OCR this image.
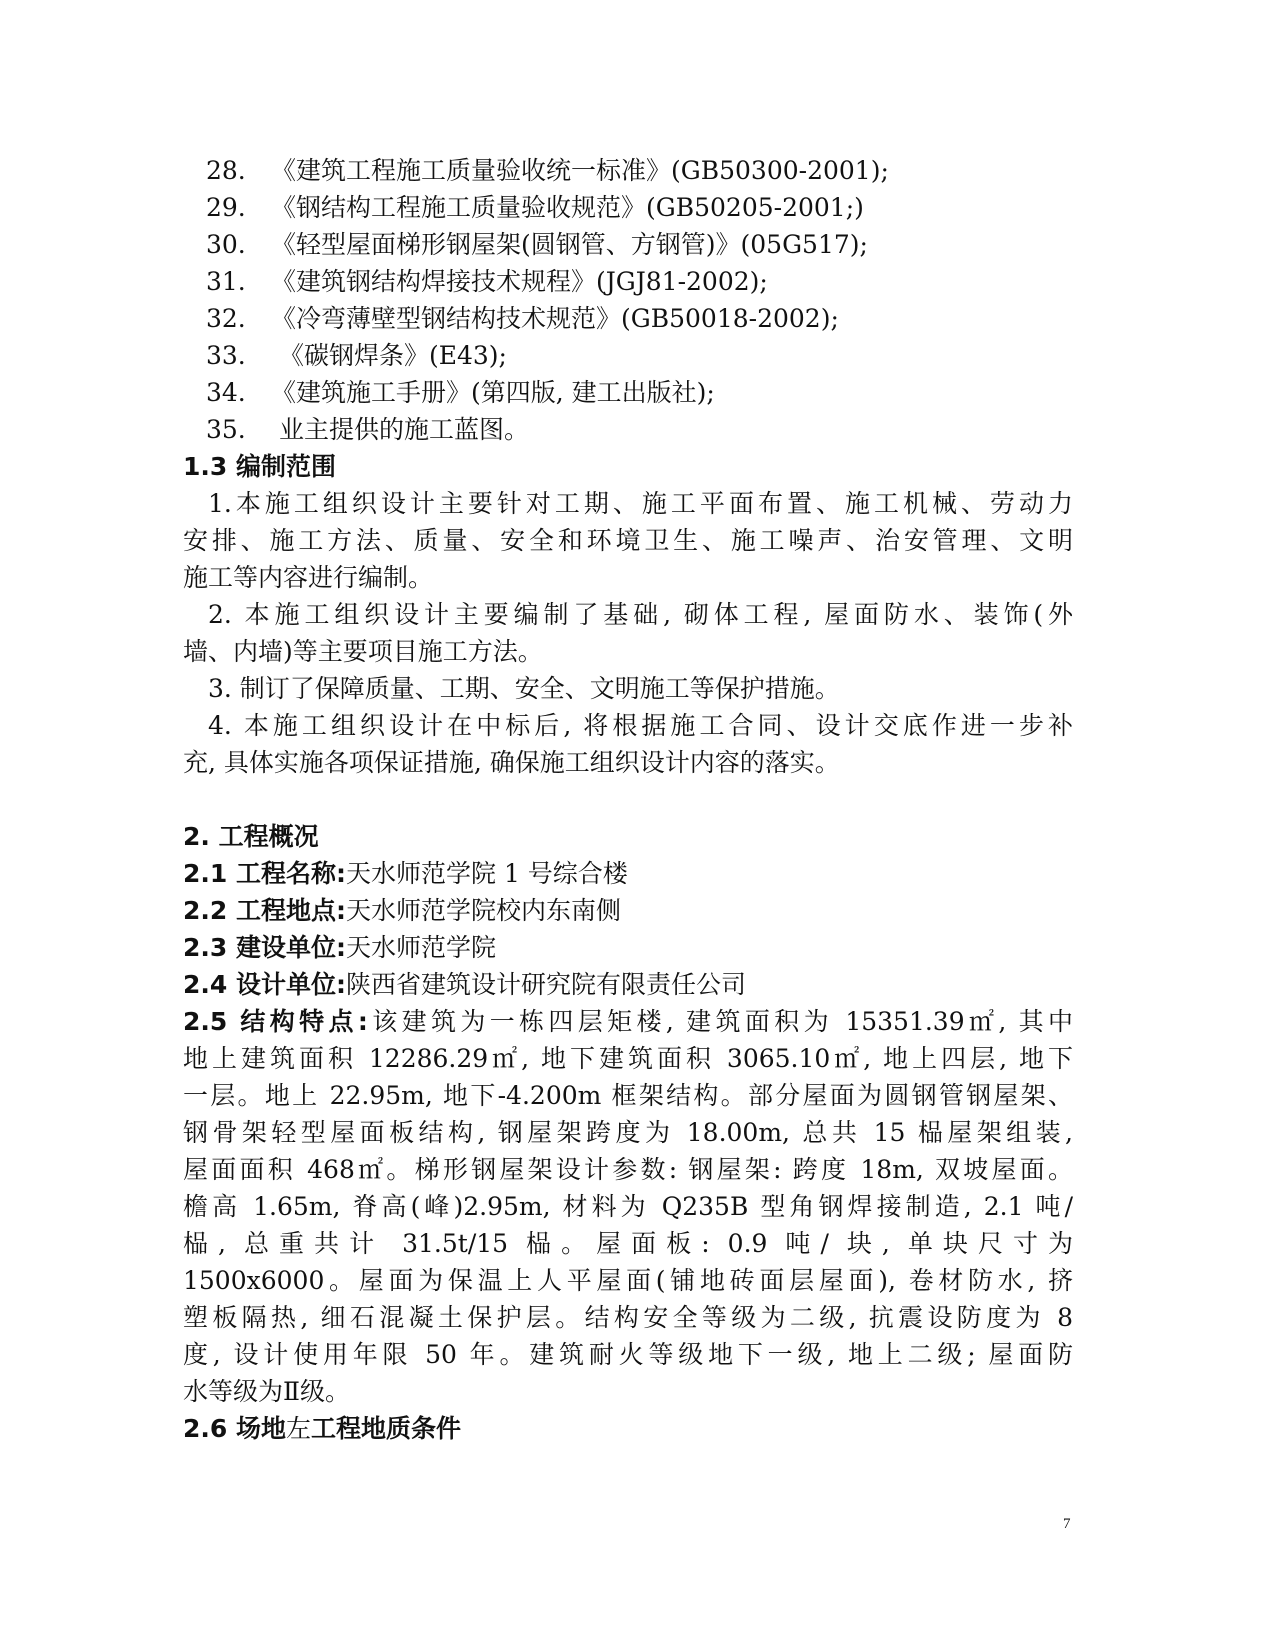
28. 《建筑工程施工质量验收统一标准》(GB50300-2001);
29. 《钢结构工程施工质量验收规范》(GB50205-2001;)
30. 《轻型屋面梯形钢屋架(圆钢管、方钢管)》(05G517);
31. 《建筑钢结构焊接技术规程》(JGJ81-2002);
32. 《冷弯薄壁型钢结构技术规范》(GB50018-2002);
33. 《碳钢焊条》(E43);
34. 《建筑施工手册》(第四版, 建工出版社);
35. 业主提供的施工蓝图。
1.3 编制范围
1.本施工组织设计主要针对工期、施工平面布置、施工机械、劳动力
安排、施工方法、质量、安全和环境卫生、施工噪声、治安管理、文明
施工等内容进行编制。
2. 本施工组织设计主要编制了基础, 砌体工程, 屋面防水、装饰(外
墙、内墙)等主要项目施工方法。
3. 制订了保障质量、工期、安全、文明施工等保护措施。
4. 本施工组织设计在中标后, 将根据施工合同、设计交底作进一步补
充, 具体实施各项保证措施, 确保施工组织设计内容的落实。
2. 工程概况
2.1 工程名称:天水师范学院 1 号综合楼
2.2 工程地点:天水师范学院校内东南侧
2.3 建设单位:天水师范学院
2.4 设计单位:陕西省建筑设计研究院有限责任公司
2.5 结构特点:该建筑为一栋四层矩楼, 建筑面积为 15351.39㎡, 其中
地上建筑面积 12286.29㎡, 地下建筑面积 3065.10㎡, 地上四层, 地下
一层。地上 22.95m, 地下-4.200m 框架结构。部分屋面为圆钢管钢屋架、
钢骨架轻型屋面板结构, 钢屋架跨度为 18.00m, 总共 15 榀屋架组装,
屋面面积 468㎡。梯形钢屋架设计参数: 钢屋架: 跨度 18m, 双坡屋面。
檐高 1.65m, 脊高(峰)2.95m, 材料为 Q235B 型角钢焊接制造, 2.1 吨/
榀, 总重共计 31.5t/15 榀。屋面板: 0.9 吨/ 块, 单块尺寸为
1500x6000。屋面为保温上人平屋面(铺地砖面层屋面), 卷材防水, 挤
塑板隔热, 细石混凝土保护层。结构安全等级为二级, 抗震设防度为 8
度, 设计使用年限 50 年。建筑耐火等级地下一级, 地上二级; 屋面防
水等级为Ⅱ级。
2.6 场地左工程地质条件
7
